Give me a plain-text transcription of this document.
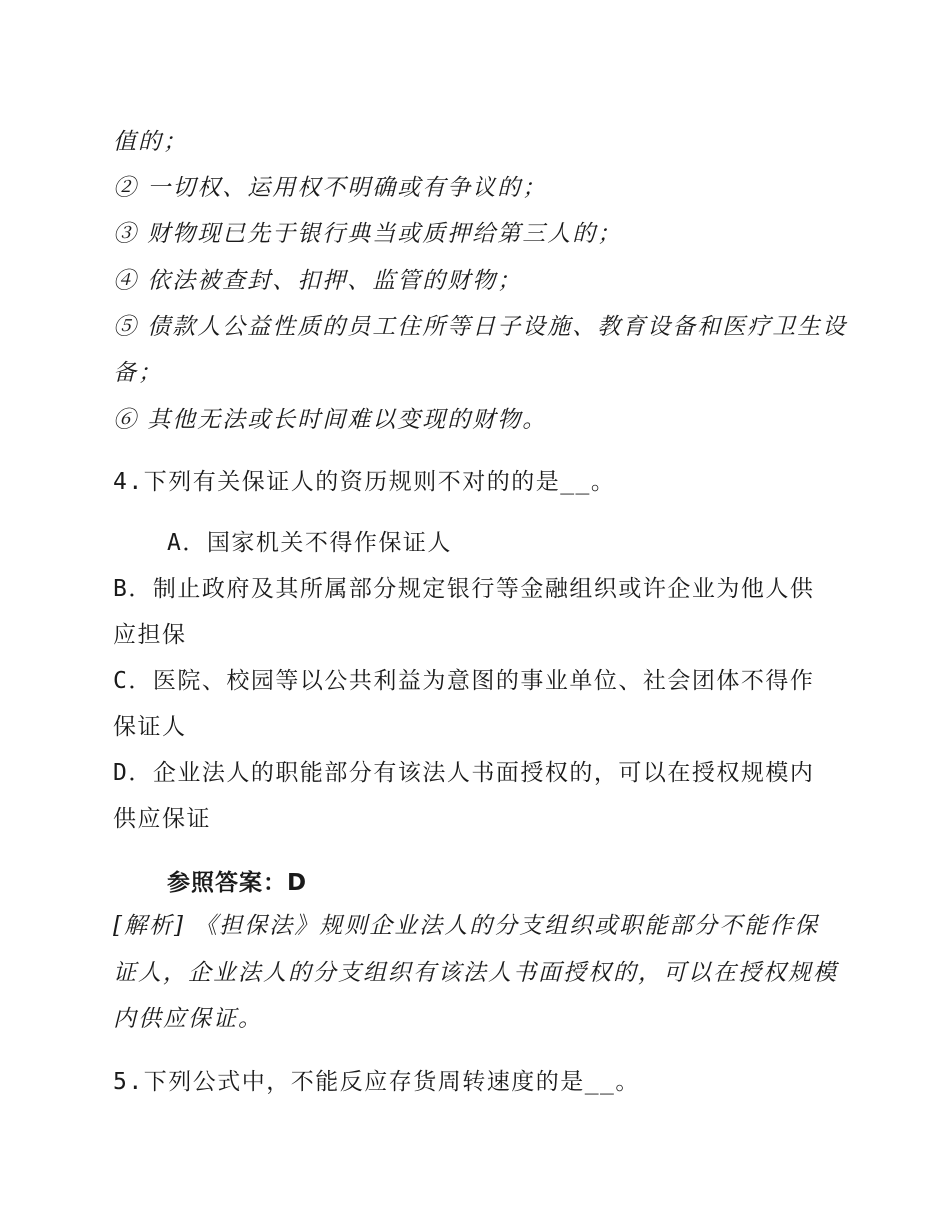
值的；
② 一切权、运用权不明确或有争议的；
③ 财物现已先于银行典当或质押给第三人的；
④ 依法被查封、扣押、监管的财物；
⑤ 债款人公益性质的员工住所等日子设施、教育设备和医疗卫生设
备；
⑥ 其他无法或长时间难以变现的财物。
4.下列有关保证人的资历规则不对的的是__。
A．国家机关不得作保证人
B．制止政府及其所属部分规定银行等金融组织或许企业为他人供
应担保
C．医院、校园等以公共利益为意图的事业单位、社会团体不得作
保证人
D．企业法人的职能部分有该法人书面授权的，可以在授权规模内
供应保证
参照答案：D
[解析] 《担保法》规则企业法人的分支组织或职能部分不能作保
证人，企业法人的分支组织有该法人书面授权的，可以在授权规模
内供应保证。
5.下列公式中，不能反应存货周转速度的是__。
